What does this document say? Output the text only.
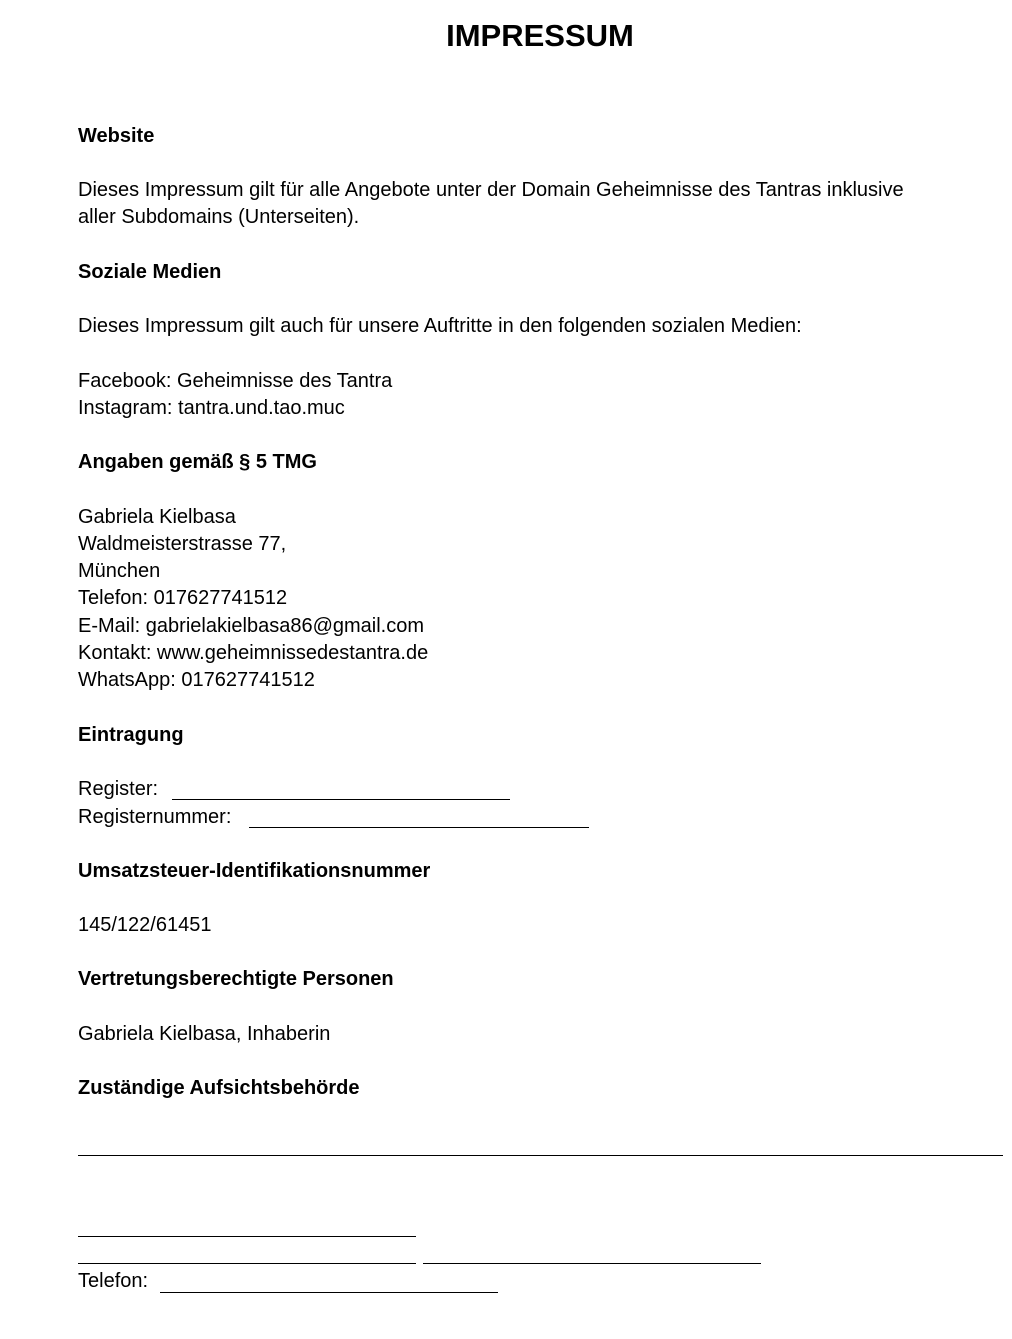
IMPRESSUM

Website

Dieses Impressum gilt für alle Angebote unter der Domain Geheimnisse des Tantras inklusive

aller Subdomains (Unterseiten).

Soziale Medien

Dieses Impressum gilt auch für unsere Auftritte in den folgenden sozialen Medien:

Facebook: Geheimnisse des Tantra

Instagram: tantra.und.tao.muc

Angaben gemäß § 5 TMG

Gabriela Kielbasa

Waldmeisterstrasse 77,

München

Telefon: 017627741512

E-Mail: gabrielakielbasa86@gmail.com

Kontakt: www.geheimnissedestantra.de

WhatsApp: 017627741512

Eintragung

Register:
Registernummer:

Umsatzsteuer-Identifikationsnummer

145/122/61451

Vertretungsberechtigte Personen

Gabriela Kielbasa, Inhaberin

Zuständige Aufsichtsbehörde

Telefon:
